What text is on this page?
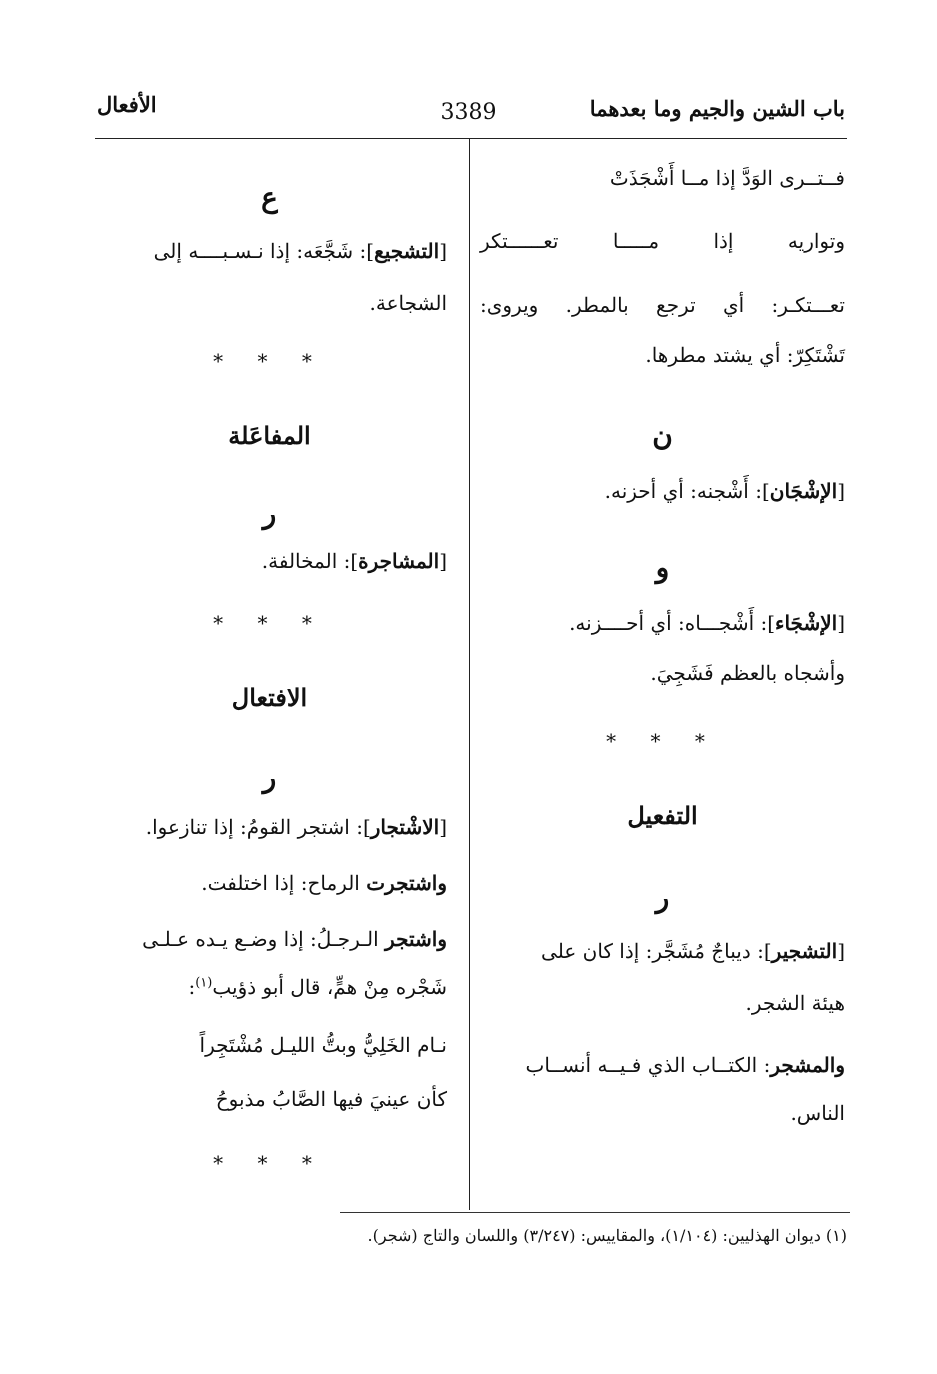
الأفعال	3389	باب الشين والجيم وما بعدهما
فــتــرى الوَدَّ إذا مــا أَشْجَذَتْ
وتواريه إذا مـــــا تعــــــتكر
تعـــتكـر: أي ترجع بالمطر. ويروى:
تَشْتَكِرّ: أي يشتد مطرها.
ن
[الإشْجَان]: أَشْجنه: أي أحزنه.
و
[الإشْجَاء]: أَشْجـــاه: أي أحــــزنه.
وأشجاه بالعظم فَشَجِيَ.
* * *
التفعيل
ر
[التشجير]: ديباجٌ مُشَجَّر: إذا كان على
هيئة الشجر.
والمشجر: الكتــاب الذي فـيــه أنســاب
الناس.
ع
[التشجيع]: شَجَّعَه: إذا نـسـبــــه إلى
الشجاعة.
* * *
المفاعَلة
ر
[المشاجرة]: المخالفة.
* * *
الافتعال
ر
[الاشْتجار]: اشتجر القومُ: إذا تنازعوا.
واشتجرت الرماح: إذا اختلفت.
واشتجر الـرجـلُ: إذا وضـع يـده عـلـى
شَجْره مِنْ همٍّ، قال أبو ذؤيب$^{(١)}$:
نـام الخَلِيُّ وبتُّ الليـل مُشْتَجِراً
كأن عينيَ فيها الصَّابُ مذبوحُ
* * *
(١) ديوان الهذليين: (١/١٠٤)، والمقاييس: (٣/٢٤٧) واللسان والتاج (شجر).
